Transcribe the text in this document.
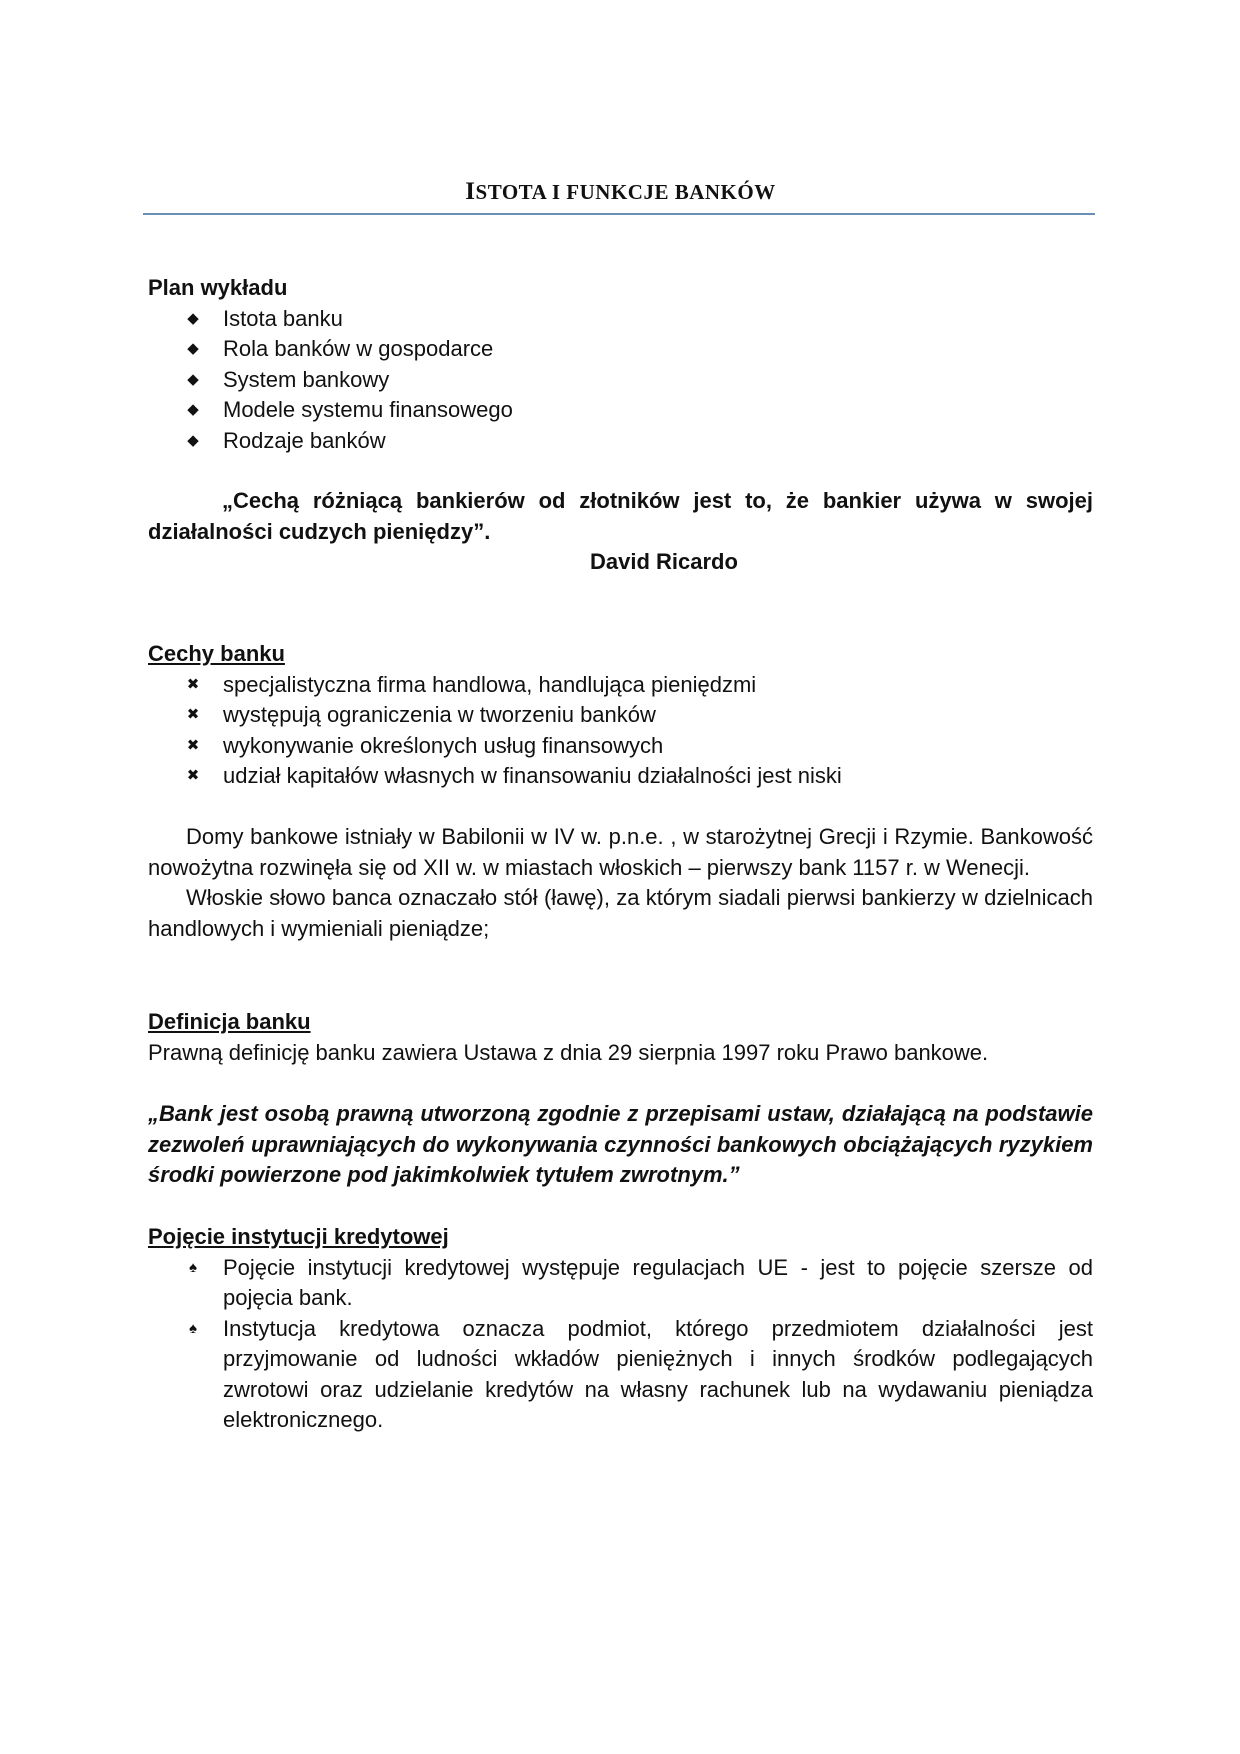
ISTOTA I FUNKCJE BANKÓW
Plan wykładu
◆ Istota banku
◆ Rola banków w gospodarce
◆ System bankowy
◆ Modele systemu finansowego
◆ Rodzaje banków
„Cechą różniącą bankierów od złotników jest to, że bankier używa w swojej działalności cudzych pieniędzy”.
David Ricardo
Cechy banku
✖ specjalistyczna firma handlowa, handlująca pieniędzmi
✖ występują ograniczenia w tworzeniu banków
✖ wykonywanie określonych usług finansowych
✖ udział kapitałów własnych w finansowaniu działalności jest niski
Domy bankowe istniały w Babilonii w IV w. p.n.e. , w starożytnej Grecji i Rzymie. Bankowość nowożytna rozwinęła się od XII w. w miastach włoskich – pierwszy bank 1157 r. w Wenecji.
Włoskie słowo banca oznaczało stół (ławę), za którym siadali pierwsi bankierzy w dzielnicach handlowych i wymieniali pieniądze;
Definicja banku
Prawną definicję banku zawiera Ustawa z dnia 29 sierpnia 1997 roku Prawo bankowe.
„Bank jest osobą prawną utworzoną zgodnie z przepisami ustaw, działającą na podstawie zezwoleń uprawniających do wykonywania czynności bankowych obciążających ryzykiem środki powierzone pod jakimkolwiek tytułem zwrotnym.”
Pojęcie instytucji kredytowej
♠ Pojęcie instytucji kredytowej występuje regulacjach UE - jest to pojęcie szersze od pojęcia bank.
♠ Instytucja kredytowa oznacza podmiot, którego przedmiotem działalności jest przyjmowanie od ludności wkładów pieniężnych i innych środków podlegających zwrotowi oraz udzielanie kredytów na własny rachunek lub na wydawaniu pieniądza elektronicznego.
